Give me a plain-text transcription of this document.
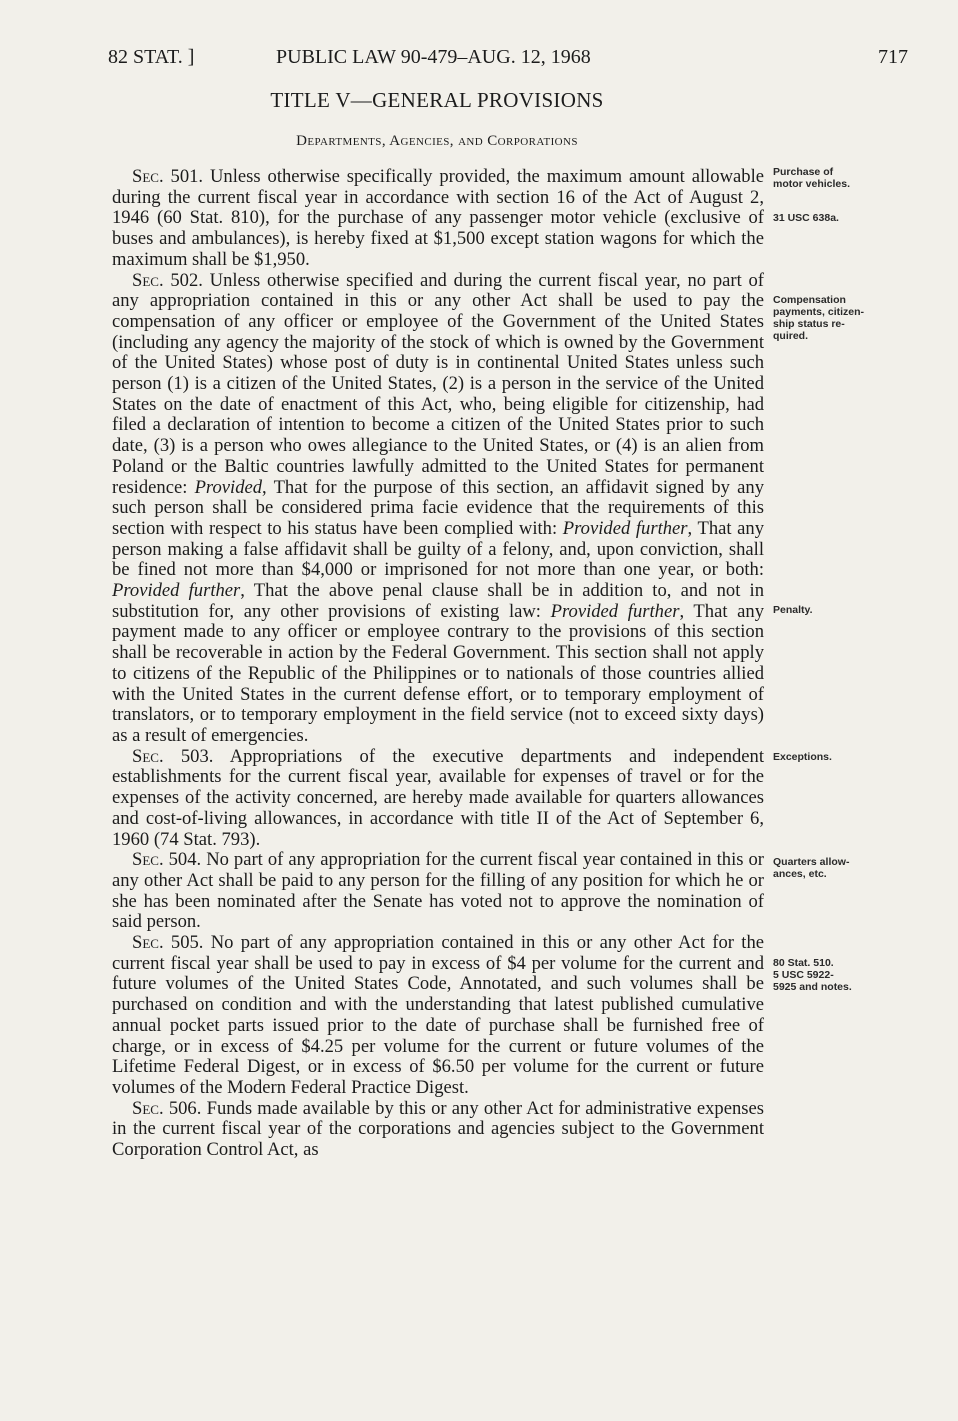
82 STAT. ]	PUBLIC LAW 90-479–AUG. 12, 1968	717
TITLE V—GENERAL PROVISIONS
Departments, Agencies, and Corporations

Sec. 501. Unless otherwise specifically provided, the maximum amount allowable during the current fiscal year in accordance with section 16 of the Act of August 2, 1946 (60 Stat. 810), for the purchase of any passenger motor vehicle (exclusive of buses and ambulances), is hereby fixed at $1,500 except station wagons for which the maximum shall be $1,950.

Sec. 502. Unless otherwise specified and during the current fiscal year, no part of any appropriation contained in this or any other Act shall be used to pay the compensation of any officer or employee of the Government of the United States (including any agency the majority of the stock of which is owned by the Government of the United States) whose post of duty is in continental United States unless such person (1) is a citizen of the United States, (2) is a person in the service of the United States on the date of enactment of this Act, who, being eligible for citizenship, had filed a declaration of intention to become a citizen of the United States prior to such date, (3) is a person who owes allegiance to the United States, or (4) is an alien from Poland or the Baltic countries lawfully admitted to the United States for permanent residence: Provided, That for the purpose of this section, an affidavit signed by any such person shall be considered prima facie evidence that the requirements of this section with respect to his status have been complied with: Provided further, That any person making a false affidavit shall be guilty of a felony, and, upon conviction, shall be fined not more than $4,000 or imprisoned for not more than one year, or both: Provided further, That the above penal clause shall be in addition to, and not in substitution for, any other provisions of existing law: Provided further, That any payment made to any officer or employee contrary to the provisions of this section shall be recoverable in action by the Federal Government. This section shall not apply to citizens of the Republic of the Philippines or to nationals of those countries allied with the United States in the current defense effort, or to temporary employment of translators, or to temporary employment in the field service (not to exceed sixty days) as a result of emergencies.

Sec. 503. Appropriations of the executive departments and independent establishments for the current fiscal year, available for expenses of travel or for the expenses of the activity concerned, are hereby made available for quarters allowances and cost-of-living allowances, in accordance with title II of the Act of September 6, 1960 (74 Stat. 793).

Sec. 504. No part of any appropriation for the current fiscal year contained in this or any other Act shall be paid to any person for the filling of any position for which he or she has been nominated after the Senate has voted not to approve the nomination of said person.

Sec. 505. No part of any appropriation contained in this or any other Act for the current fiscal year shall be used to pay in excess of $4 per volume for the current and future volumes of the United States Code, Annotated, and such volumes shall be purchased on condition and with the understanding that latest published cumulative annual pocket parts issued prior to the date of purchase shall be furnished free of charge, or in excess of $4.25 per volume for the current or future volumes of the Lifetime Federal Digest, or in excess of $6.50 per volume for the current or future volumes of the Modern Federal Practice Digest.

Sec. 506. Funds made available by this or any other Act for administrative expenses in the current fiscal year of the corporations and agencies subject to the Government Corporation Control Act, as

Purchase of
motor vehicles.
31 USC 638a.
Compensation
payments, citizen-
ship status re-
quired.
Penalty.
Exceptions.
Quarters allow-
ances, etc.
80 Stat. 510.
5 USC 5922-
5925 and notes.
